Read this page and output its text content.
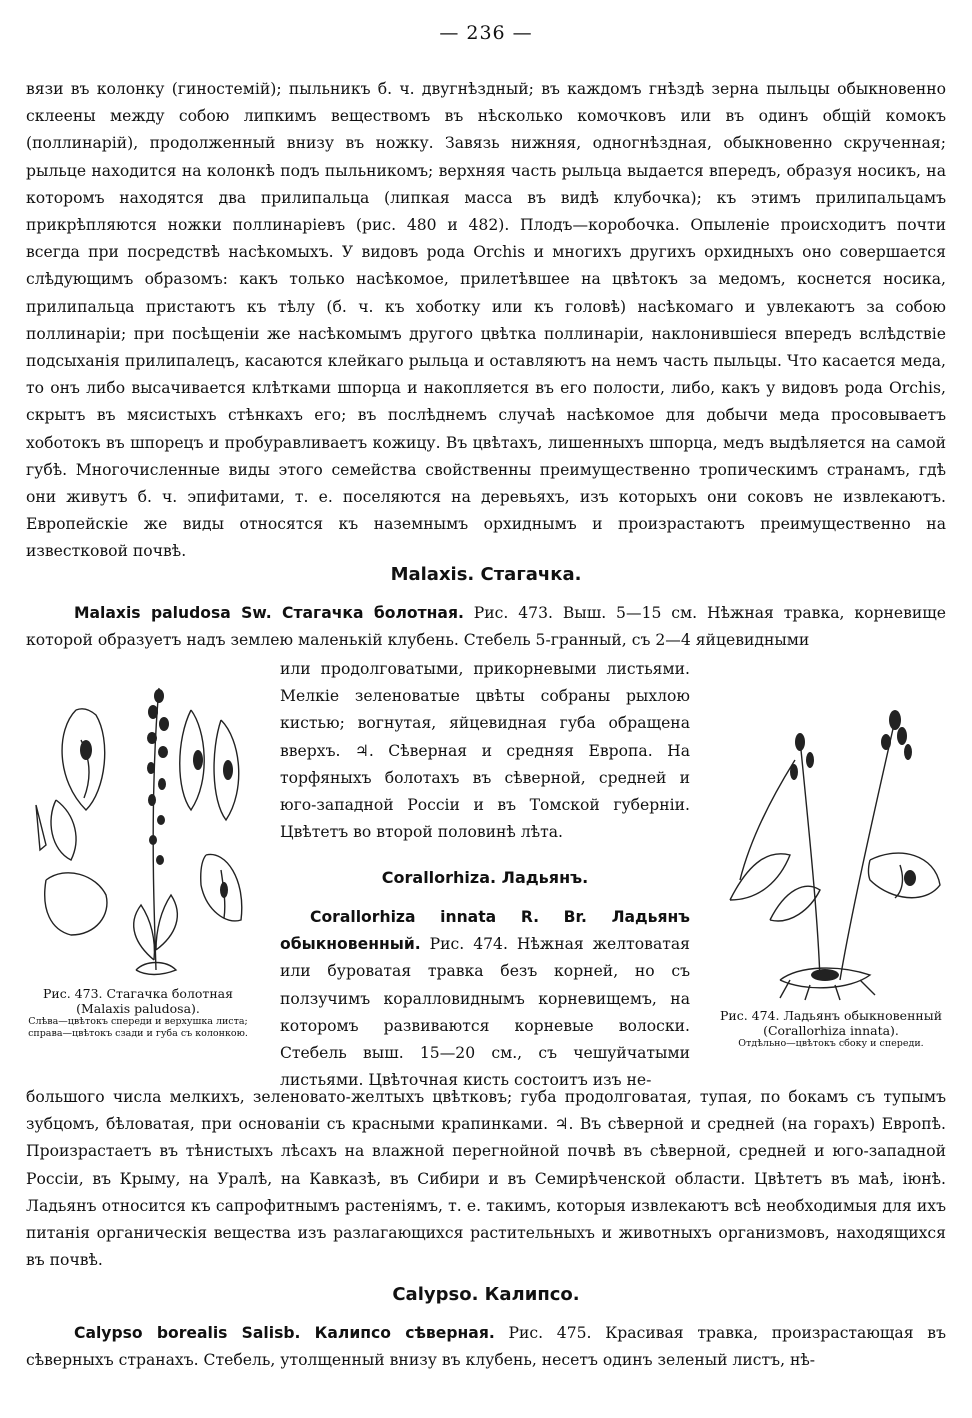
— 236 —

вязи въ колонку (гиностемій); пыльникъ б. ч. двугнѣздный; въ каждомъ гнѣздѣ зерна пыльцы обыкновенно склеены между собою липкимъ веществомъ въ нѣсколько комочковъ или въ одинъ общій комокъ (поллинарій), продолженный внизу въ ножку. Завязь нижняя, одногнѣздная, обыкновенно скрученная; рыльце находится на колонкѣ подъ пыльникомъ; верхняя часть рыльца выдается впередъ, образуя носикъ, на которомъ находятся два прилипальца (липкая масса въ видѣ клубочка); къ этимъ прилипальцамъ прикрѣпляются ножки поллинаріевъ (рис. 480 и 482). Плодъ—коробочка. Опыленіе происходитъ почти всегда при посредствѣ насѣкомыхъ. У видовъ рода Orchis и многихъ другихъ орхидныхъ оно совершается слѣдующимъ образомъ: какъ только насѣкомое, прилетѣвшее на цвѣтокъ за медомъ, коснется носика, прилипальца пристаютъ къ тѣлу (б. ч. къ хоботку или къ головѣ) насѣкомаго и увлекаютъ за собою поллинаріи; при посѣщеніи же насѣкомымъ другого цвѣтка поллинаріи, наклонившіеся впередъ вслѣдствіе подсыханія прилипалецъ, касаются клейкаго рыльца и оставляютъ на немъ часть пыльцы. Что касается меда, то онъ либо высачивается клѣтками шпорца и накопляется въ его полости, либо, какъ у видовъ рода Orchis, скрытъ въ мясистыхъ стѣнкахъ его; въ послѣднемъ случаѣ насѣкомое для добычи меда просовываетъ хоботокъ въ шпорецъ и пробуравливаетъ кожицу. Въ цвѣтахъ, лишенныхъ шпорца, медъ выдѣляется на самой губѣ. Многочисленные виды этого семейства свойственны преимущественно тропическимъ странамъ, гдѣ они живутъ б. ч. эпифитами, т. е. поселяются на деревьяхъ, изъ которыхъ они соковъ не извлекаютъ. Европейскіе же виды относятся къ наземнымъ орхиднымъ и произрастаютъ преимущественно на известковой почвѣ.

Malaxis. Стагачка.

Malaxis paludosa Sw. Стагачка болотная. Рис. 473. Выш. 5—15 см. Нѣжная травка, корневище которой образуетъ надъ землею маленькій клубень. Стебель 5-гранный, съ 2—4 яйцевидными

или продолговатыми, прикорневыми листьями. Мелкіе зеленоватые цвѣты собраны рыхлою кистью; вогнутая, яйцевидная губа обращена вверхъ. ♃. Сѣверная и средняя Европа. На торфяныхъ болотахъ въ сѣверной, средней и юго-западной Россіи и въ Томской губерніи. Цвѣтетъ во второй половинѣ лѣта.

Рис. 473. Стагачка болотная (Malaxis paludosa).
Слѣва—цвѣтокъ спереди и верхушка листа; справа—цвѣтокъ сзади и губа съ колонкою.
Corallorhiza. Ладьянъ.

Corallorhiza innata R. Br. Ладьянъ обыкновенный. Рис. 474. Нѣжная желтоватая или буроватая травка безъ корней, но съ ползучимъ коралловиднымъ корневищемъ, на которомъ развиваются корневые волоски. Стебель выш. 15—20 см., съ чешуйчатыми листьями. Цвѣточная кисть состоитъ изъ не-

Рис. 474. Ладьянъ обыкновенный (Corallorhiza innata).
Отдѣльно—цвѣтокъ сбоку и спереди.

большого числа мелкихъ, зеленовато-желтыхъ цвѣтковъ; губа продолговатая, тупая, по бокамъ съ тупымъ зубцомъ, бѣловатая, при основаніи съ красными крапинками. ♃. Въ сѣверной и средней (на горахъ) Европѣ. Произрастаетъ въ тѣнистыхъ лѣсахъ на влажной перегнойной почвѣ въ сѣверной, средней и юго-западной Россіи, въ Крыму, на Уралѣ, на Кавказѣ, въ Сибири и въ Семирѣченской области. Цвѣтетъ въ маѣ, іюнѣ. Ладьянъ относится къ сапрофитнымъ растеніямъ, т. е. такимъ, которыя извлекаютъ всѣ необходимыя для ихъ питанія органическія вещества изъ разлагающихся растительныхъ и животныхъ организмовъ, находящихся въ почвѣ.

Calypso. Калипсо.

Calypso borealis Salisb. Калипсо сѣверная. Рис. 475. Красивая травка, произрастающая въ сѣверныхъ странахъ. Стебель, утолщенный внизу въ клубень, несетъ одинъ зеленый листъ, нѣ-
